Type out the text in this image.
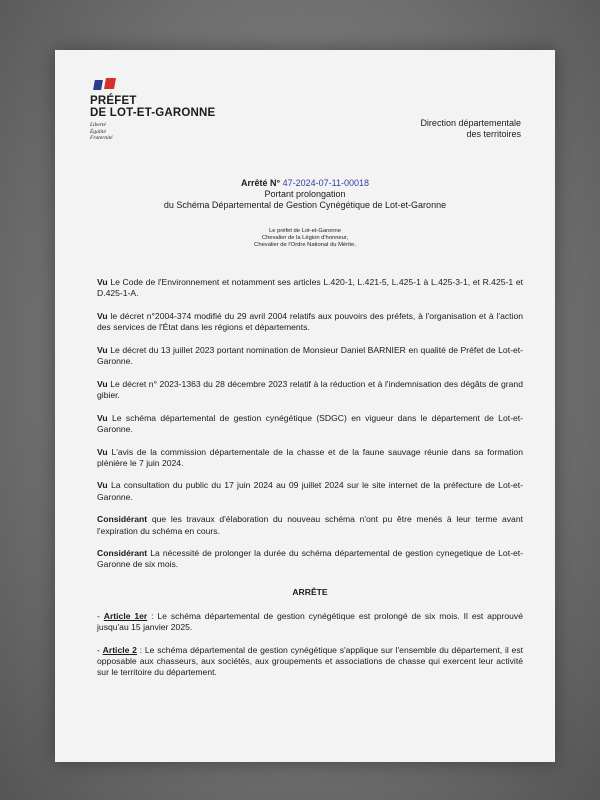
PRÉFET
DE LOT-ET-GARONNE
Liberté
Égalité
Fraternité
Direction départementale
des territoires
Arrêté N° 47-2024-07-11-00018
Portant prolongation
du Schéma Départemental de Gestion Cynégétique de Lot-et-Garonne
Le préfet de Lot-et-Garonne
Chevalier de la Légion d'honneur,
Chevalier de l'Ordre National du Mérite,

Vu Le Code de l'Environnement et notamment ses articles L.420-1, L.421-5, L.425-1 à L.425-3-1, et R.425-1 et D.425-1-A.

Vu le décret n°2004-374 modifié du 29 avril 2004 relatifs aux pouvoirs des préfets, à l'organisation et à l'action des services de l'État dans les régions et départements.

Vu Le décret du 13 juillet 2023 portant nomination de Monsieur Daniel BARNIER en qualité de Préfet de Lot-et-Garonne.

Vu Le décret n° 2023-1363 du 28 décembre 2023 relatif à la réduction et à l'indemnisation des dégâts de grand gibier.

Vu Le schéma départemental de gestion cynégétique (SDGC) en vigueur dans le département de Lot-et-Garonne.

Vu L'avis de la commission départementale de la chasse et de la faune sauvage réunie dans sa formation plénière le 7 juin 2024.

Vu La consultation du public du 17 juin 2024 au 09 juillet 2024 sur le site internet de la préfecture de Lot-et-Garonne.

Considérant que les travaux d'élaboration du nouveau schéma n'ont pu être menés à leur terme avant l'expiration du schéma en cours.

Considérant La nécessité de prolonger la durée du schéma départemental de gestion cynegetique de Lot-et-Garonne de six mois.

ARRÊTE

- Article 1er : Le schéma départemental de gestion cynégétique est prolongé de six mois. Il est approuvé jusqu'au 15 janvier 2025.

- Article 2 : Le schéma départemental de gestion cynégétique s'applique sur l'ensemble du département, il est opposable aux chasseurs, aux sociétés, aux groupements et associations de chasse qui exercent leur activité sur le territoire du département.
